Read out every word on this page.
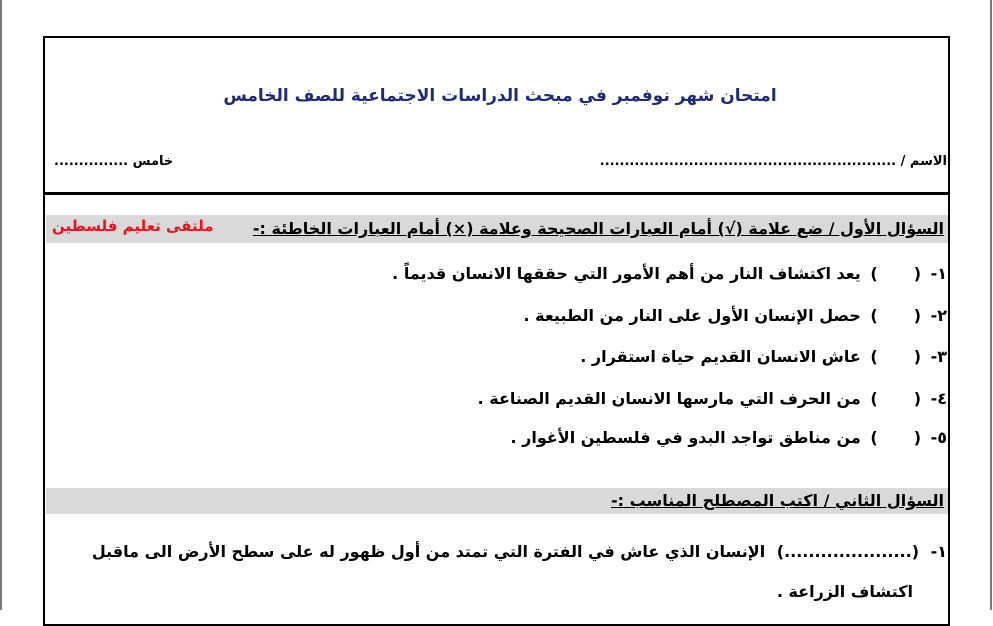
امتحان شهر نوفمبر في مبحث الدراسات الاجتماعية للصف الخامس
الاسم / ............................................................
خامس ...............
السؤال الأول / ضع علامة (√) أمام العبارات الصحيحة وعلامة (×) أمام العبارات الخاطئة :-
ملتقى تعليم فلسطين
١- () يعد اكتشاف النار من أهم الأمور التي حققها الانسان قديماً .
٢- () حصل الإنسان الأول على النار من الطبيعة .
٣- () عاش الانسان القديم حياة استقرار .
٤- () من الحرف التي مارسها الانسان القديم الصناعة .
٥- () من مناطق تواجد البدو في فلسطين الأغوار .
السؤال الثاني / اكتب المصطلح المناسب :-
١- (.....................) الإنسان الذي عاش في الفترة التي تمتد من أول ظهور له على سطح الأرض الى ماقبل
اكتشاف الزراعة .
